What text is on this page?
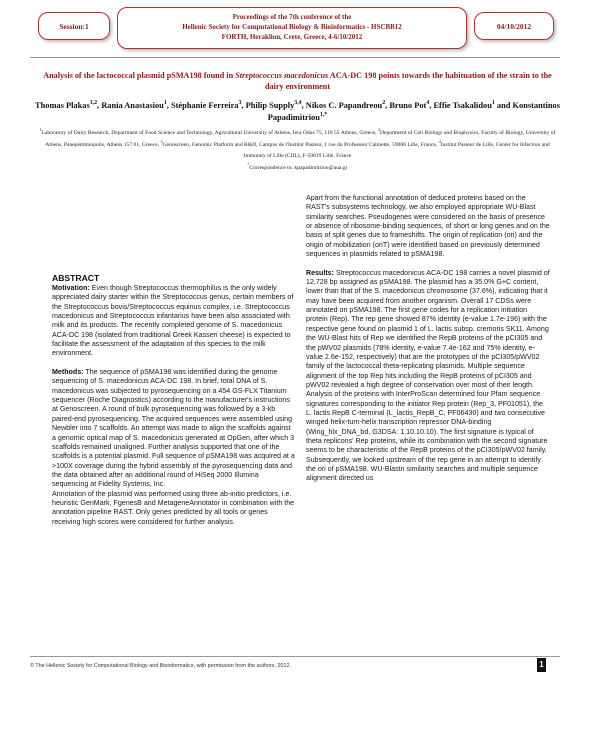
Session:1
Proceedings of the 7th conference of the
Hellenic Society for Computational Biology & Bioinformatics - HSCBB12
FORTH, Heraklion, Crete, Greece, 4-6/10/2012
04/10/2012
Analysis of the lactococcal plasmid pSMA198 found in Streptococcus macedonicus ACA-DC 198 points towards the habituation of the strain to the dairy environment
Thomas Plakas$^{1,2}$, Rania Anastasiou$^1$, Stéphanie Ferreira$^3$, Philip Supply$^{3,4}$, Nikos C. Papandreou$^2$, Bruno Pot$^4$, Effie Tsakalidou$^1$ and Konstantinos Papadimitriou$^{1,*}$
$^1$Laboratory of Dairy Research, Department of Food Science and Technology, Agricultural University of Athens, Iera Odos 75, 118 55 Athens, Greece, $^2$Department of Cell Biology and Biophysics, Faculty of Biology, University of Athens, Panepistimiopolis, Athens 157 01, Greece, $^3$Genoscreen, Genomic Platform and R&D, Campus de l'Institut Pasteur, 1 rue du Professeur Calmette, 59000 Lille, France, $^4$Institut Pasteur de Lille, Center for Infection and Immunity of Lille (CIIL), F-59019 Lille, France
*Correspondence to: kpapadimitriou@aua.gr
ABSTRACT

Motivation: Even though Streptococcus thermophilus is the only widely appreciated dairy starter within the Streptococcus genus, certain members of the Streptococcus bovis/Streptococcus equinus complex, i.e. Streptococcus macedonicus and Streptococcus infantarius have been also associated with milk and its products. The recently completed genome of S. macedonicus ACA-DC 198 (isolated from traditional Greek Kasseri cheese) is expected to facilitate the assessment of the adaptation of this species to the milk environment.

Methods: The sequence of pSMA198 was identified during the genome sequencing of S. macedonicus ACA-DC 198. In brief, total DNA of S. macedonicus was subjected to pyrosequencing on a 454 GS-FLX Titanium sequencer (Roche Diagnostics) according to the manufacturer's instructions at Genoscreen. A round of bulk pyrosequencing was followed by a 3-kb paired-end pyrosequencing. The acquired sequences were assembled using Newbler into 7 scaffolds. An attempt was made to align the scaffolds against a genomic optical map of S. macedonicus generated at OpGen, after which 3 scaffolds remained unaligned. Further analysis supported that one of the scaffolds is a potential plasmid. Full sequence of pSMA198 was acquired at a >100X coverage during the hybrid assembly of the pyrosequencing data and the data obtained after an additional round of HiSeq 2000 Illumina sequencing at Fidelity Systems, Inc.

Annotation of the plasmid was performed using three ab-initio predictors, i.e. heuristic GenMark, FgenesB and MetageneAnnotator in combination with the annotation pipeline RAST. Only genes predicted by all tools or genes receiving high scores were considered for further analysis.

Apart from the functional annotation of deduced proteins based on the RAST's subsystems technology, we also employed appropriate WU-Blast similarity searches. Pseudogenes were considered on the basis of presence or absence of ribosome-binding sequences, of short or long genes and on the basis of split genes due to frameshifts. The origin of replication (ori) and the origin of mobilization (oriT) were identified based on previously determined sequences in plasmids related to pSMA198.

Results: Streptococcus macedonicus ACA-DC 198 carries a novel plasmid of 12,728 bp assigned as pSMA198. The plasmid has a 35.0% G+C content, lower than that of the S. macedonicus chromosome (37.6%), indicating that it may have been acquired from another organism. Overall 17 CDSs were annotated on pSMA198. The first gene codes for a replication initiation protein (Rep). The rep gene showed 87% identity (e-value 1.7e-196) with the respective gene found on plasmid 1 of L. lactis subsp. cremoris SK11. Among the WU-Blast hits of Rep we identified the RepB proteins of the pCI305 and the pWV02 plasmids (78% identity, e-value 7.4e-162 and 75% identity, e-value 2.6e-152, respectively) that are the prototypes of the pCI305/pWV02 family of the lactococcal theta-replicating plasmids. Multiple sequence alignment of the top Rep hits including the RepB proteins of pCI305 and pWV02 revealed a high degree of conservation over most of their length. Analysis of the proteins with InterProScan determined four Pfam sequence signatures corresponding to the initiator Rep protein (Rep_3, PF01051), the L. lactis RepB C-terminal (L_lactis_RepB_C, PF06430) and two consecutive winged helix-turn-helix transcription repressor DNA-binding (Wing_hlx_DNA_bd, G3DSA: 1.10.10.10). The first signature is typical of theta replicons' Rep proteins, while its combination with the second signature seems to be characteristic of the RepB proteins of the pCI305/pWV02 family.

Subsequently, we looked upstream of the rep gene in an attempt to identify the ori of pSMA198. WU-Blastn similarity searches and multiple sequence alignment directed us

© The Hellenic Society for Computational Biology and Bioinformatics, with permission from the authors, 2012.	1
